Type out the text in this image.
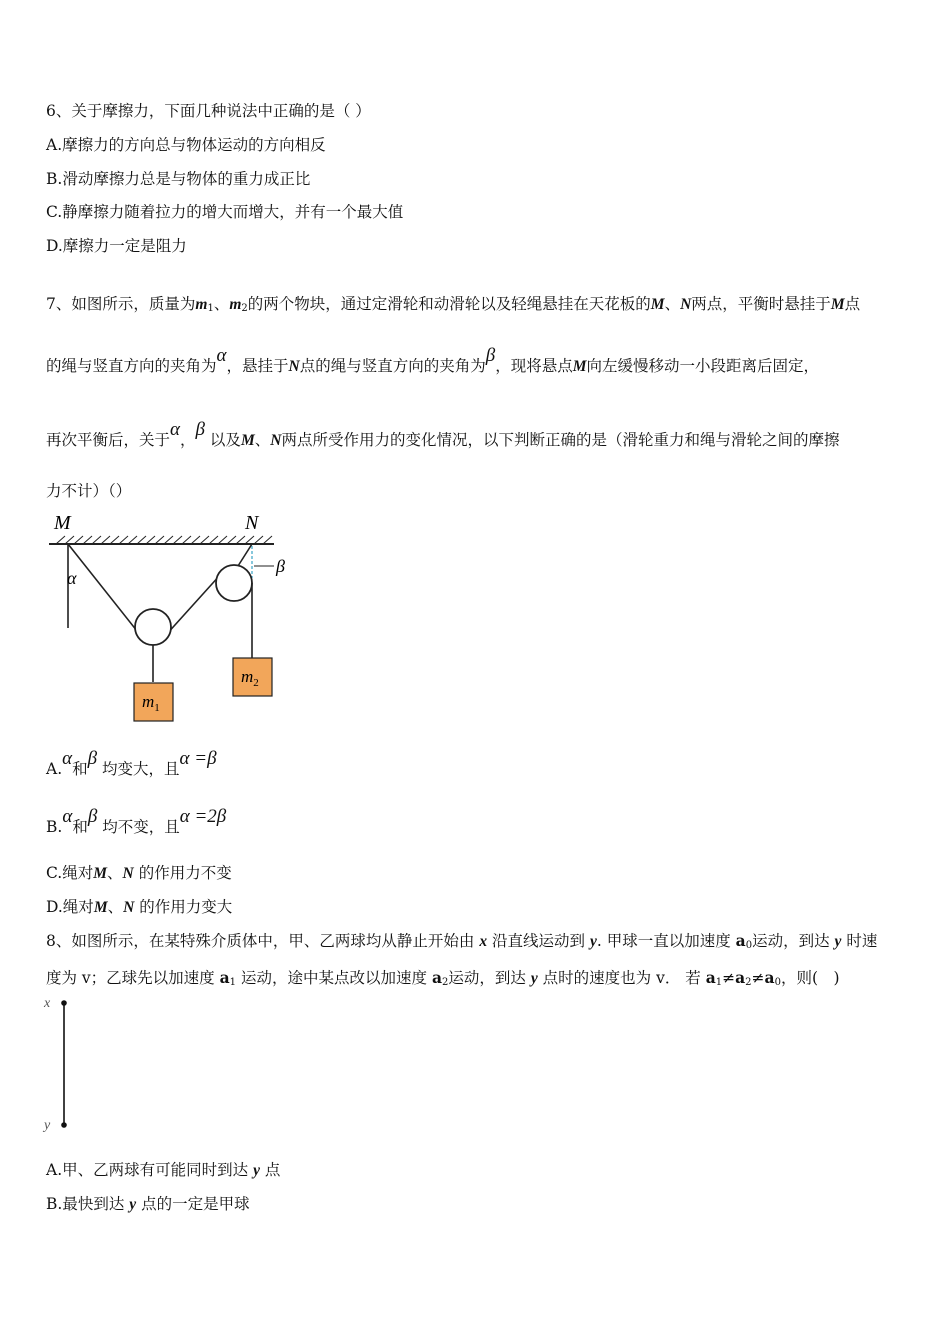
6、关于摩擦力，下面几种说法中正确的是（ ）
A.摩擦力的方向总与物体运动的方向相反
B.滑动摩擦力总是与物体的重力成正比
C.静摩擦力随着拉力的增大而增大，并有一个最大值
D.摩擦力一定是阻力
7、如图所示，质量为$m_1$、$m_2$的两个物块，通过定滑轮和动滑轮以及轻绳悬挂在天花板的M、N两点，平衡时悬挂于M点
的绳与竖直方向的夹角为α，悬挂于N点的绳与竖直方向的夹角为β，现将悬点M向左缓慢移动一小段距离后固定，
再次平衡后，关于α，β 以及M、N两点所受作用力的变化情况，以下判断正确的是（滑轮重力和绳与滑轮之间的摩擦
力不计）（）
M	N
α
β
$m_1$
$m_2$
A.α和β 均变大，且α =β
B.α和β 均不变，且α =2β
C.绳对M、N 的作用力不变
D.绳对M、N 的作用力变大
8、如图所示，在某特殊介质体中，甲、乙两球均从静止开始由 x 沿直线运动到 y. 甲球一直以加速度 $a_0$运动，到达 y 时速
度为 v；乙球先以加速度 $a_1$ 运动，途中某点改以加速度 $a_2$运动，到达 y 点时的速度也为 v． 若 $a_1\ne a_2\ne a_0$，则(　)
x
y
A.甲、乙两球有可能同时到达 y 点
B.最快到达 y 点的一定是甲球
